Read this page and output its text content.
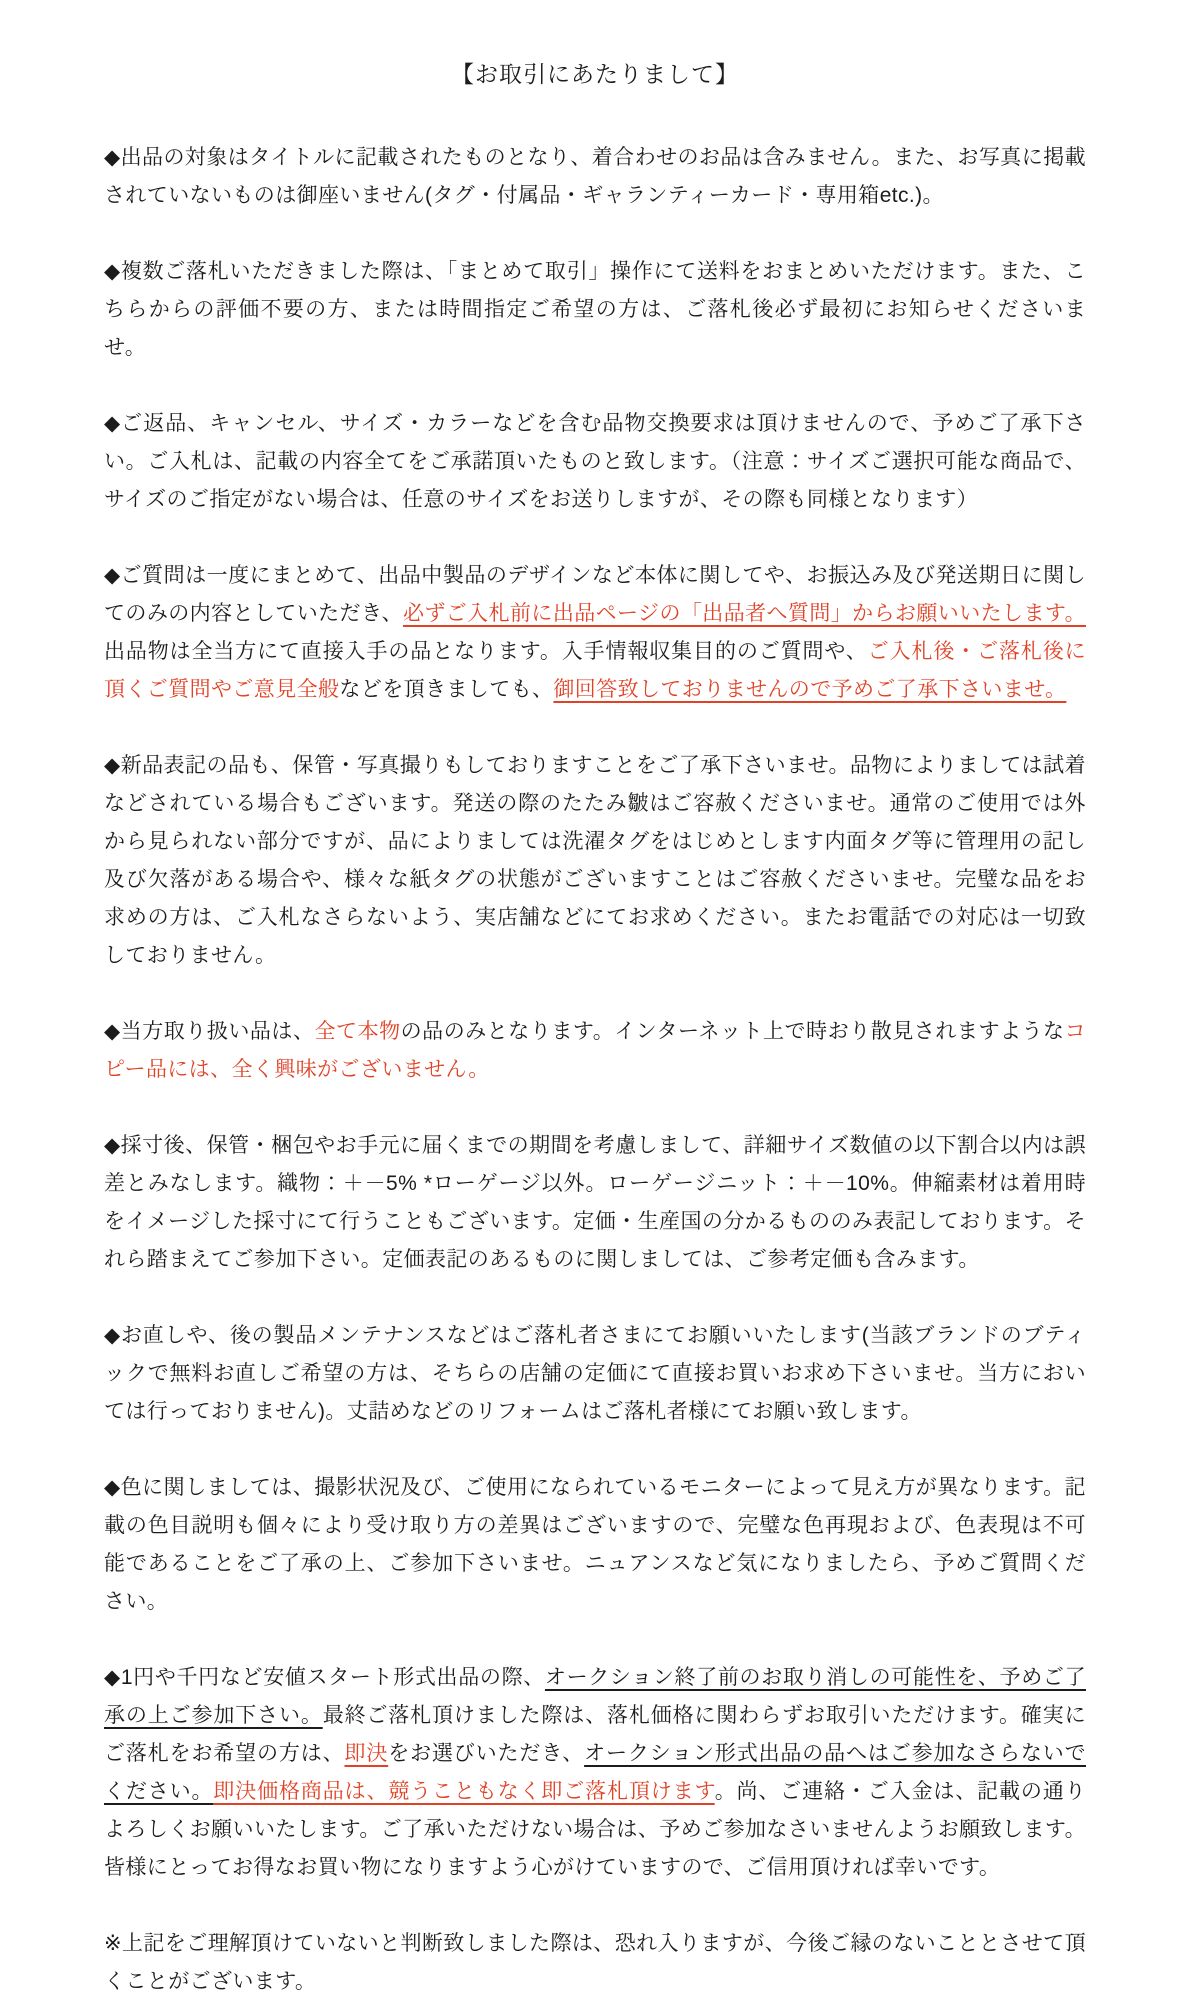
【お取引にあたりまして】

◆出品の対象はタイトルに記載されたものとなり、着合わせのお品は含みません。また、お写真に掲載されていないものは御座いません(タグ・付属品・ギャランティーカード・専用箱etc.)。

◆複数ご落札いただきました際は、「まとめて取引」操作にて送料をおまとめいただけます。また、こちらからの評価不要の方、または時間指定ご希望の方は、ご落札後必ず最初にお知らせくださいませ。

◆ご返品、キャンセル、サイズ・カラーなどを含む品物交換要求は頂けませんので、予めご了承下さい。ご入札は、記載の内容全てをご承諾頂いたものと致します。（注意：サイズご選択可能な商品で、サイズのご指定がない場合は、任意のサイズをお送りしますが、その際も同様となります）

◆ご質問は一度にまとめて、出品中製品のデザインなど本体に関してや、お振込み及び発送期日に関してのみの内容としていただき、必ずご入札前に出品ページの「出品者へ質問」からお願いいたします。出品物は全当方にて直接入手の品となります。入手情報収集目的のご質問や、ご入札後・ご落札後に頂くご質問やご意見全般などを頂きましても、御回答致しておりませんので予めご了承下さいませ。

◆新品表記の品も、保管・写真撮りもしておりますことをご了承下さいませ。品物によりましては試着などされている場合もございます。発送の際のたたみ皺はご容赦くださいませ。通常のご使用では外から見られない部分ですが、品によりましては洗濯タグをはじめとします内面タグ等に管理用の記し及び欠落がある場合や、様々な紙タグの状態がございますことはご容赦くださいませ。完璧な品をお求めの方は、ご入札なさらないよう、実店舗などにてお求めください。またお電話での対応は一切致しておりません。

◆当方取り扱い品は、全て本物の品のみとなります。インターネット上で時おり散見されますようなコピー品には、全く興味がございません。

◆採寸後、保管・梱包やお手元に届くまでの期間を考慮しまして、詳細サイズ数値の以下割合以内は誤差とみなします。織物：＋－5% *ローゲージ以外。ローゲージニット：＋－10%。伸縮素材は着用時をイメージした採寸にて行うこともございます。定価・生産国の分かるもののみ表記しております。それら踏まえてご参加下さい。定価表記のあるものに関しましては、ご参考定価も含みます。

◆お直しや、後の製品メンテナンスなどはご落札者さまにてお願いいたします(当該ブランドのブティックで無料お直しご希望の方は、そちらの店舗の定価にて直接お買いお求め下さいませ。当方においては行っておりません)。丈詰めなどのリフォームはご落札者様にてお願い致します。

◆色に関しましては、撮影状況及び、ご使用になられているモニターによって見え方が異なります。記載の色目説明も個々により受け取り方の差異はございますので、完璧な色再現および、色表現は不可能であることをご了承の上、ご参加下さいませ。ニュアンスなど気になりましたら、予めご質問ください。

◆1円や千円など安値スタート形式出品の際、オークション終了前のお取り消しの可能性を、予めご了承の上ご参加下さい。最終ご落札頂けました際は、落札価格に関わらずお取引いただけます。確実にご落札をお希望の方は、即決をお選びいただき、オークション形式出品の品へはご参加なさらないでください。即決価格商品は、競うこともなく即ご落札頂けます。尚、ご連絡・ご入金は、記載の通りよろしくお願いいたします。ご了承いただけない場合は、予めご参加なさいませんようお願致します。皆様にとってお得なお買い物になりますよう心がけていますので、ご信用頂ければ幸いです。

※上記をご理解頂けていないと判断致しました際は、恐れ入りますが、今後ご縁のないこととさせて頂くことがございます。
